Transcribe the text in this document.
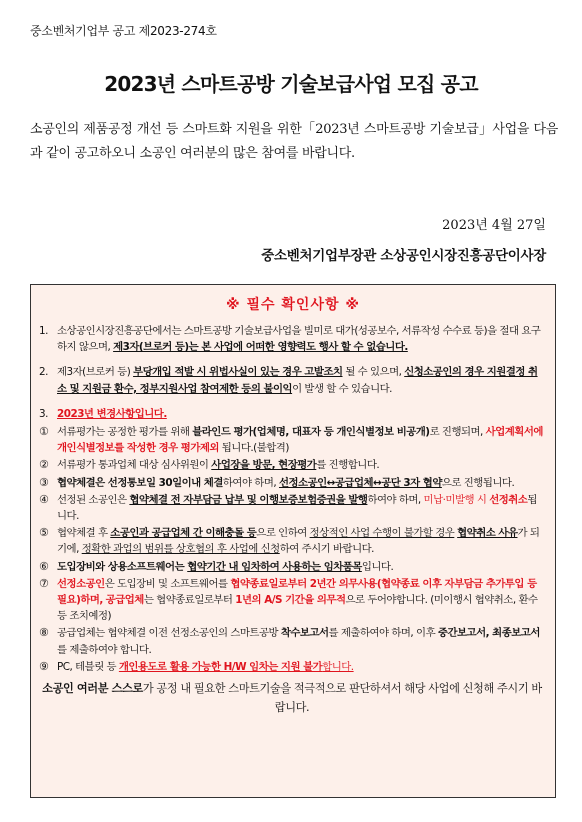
중소벤처기업부 공고 제2023-274호
2023년 스마트공방 기술보급사업 모집 공고
소공인의 제품공정 개선 등 스마트화 지원을 위한「2023년 스마트공방 기술보급」사업을 다음과 같이 공고하오니 소공인 여러분의 많은 참여를 바랍니다.
2023년 4월 27일
중소벤처기업부장관 소상공인시장진흥공단이사장
※ 필수 확인사항 ※
1. 소상공인시장진흥공단에서는 스마트공방 기술보급사업을 빌미로 대가(성공보수, 서류작성 수수료 등)을 절대 요구하지 않으며, 제3자(브로커 등)는 본 사업에 어떠한 영향력도 행사 할 수 없습니다.
2. 제3자(브로커 등) 부당개입 적발 시 위법사실이 있는 경우 고발조치 될 수 있으며, 신청소공인의 경우 지원결정 취소 및 지원금 환수, 정부지원사업 참여제한 등의 불이익이 발생 할 수 있습니다.
3. 2023년 변경사항입니다.
① 서류평가는 공정한 평가를 위해 블라인드 평가(업체명, 대표자 등 개인식별정보 비공개)로 진행되며, 사업계획서에 개인식별정보를 작성한 경우 평가제외 됩니다.(불합격)
② 서류평가 통과업체 대상 심사위원이 사업장을 방문, 현장평가를 진행합니다.
③ 협약체결은 선정통보일 30일이내 체결하여야 하며, 선정소공인↔공급업체↔공단 3자 협약으로 진행됩니다.
④ 선정된 소공인은 협약체결 전 자부담금 납부 및 이행보증보험증권을 발행하여야 하며, 미납·미발행 시 선정취소됩니다.
⑤ 협약체결 후 소공인과 공급업체 간 이해충돌 등으로 인하여 정상적인 사업 수행이 불가할 경우 협약취소 사유가 되기에, 정확한 과업의 범위를 상호협의 후 사업에 신청하여 주시기 바랍니다.
⑥ 도입장비와 상용소프트웨어는 협약기간 내 임차하여 사용하는 임차품목입니다.
⑦ 선정소공인은 도입장비 및 소프트웨어를 협약종료일로부터 2년간 의무사용(협약종료 이후 자부담금 추가투입 등 필요)하며, 공급업체는 협약종료일로부터 1년의 A/S 기간을 의무적으로 두어야합니다. (미이행시 협약취소, 환수 등 조치예정)
⑧ 공급업체는 협약체결 이전 선정소공인의 스마트공방 착수보고서를 제출하여야 하며, 이후 중간보고서, 최종보고서를 제출하여야 합니다.
⑨ PC, 테블릿 등 개인용도로 활용 가능한 H/W 임차는 지원 불가합니다.
소공인 여러분 스스로가 공정 내 필요한 스마트기술을 적극적으로 판단하셔서 해당 사업에 신청해 주시기 바랍니다.
